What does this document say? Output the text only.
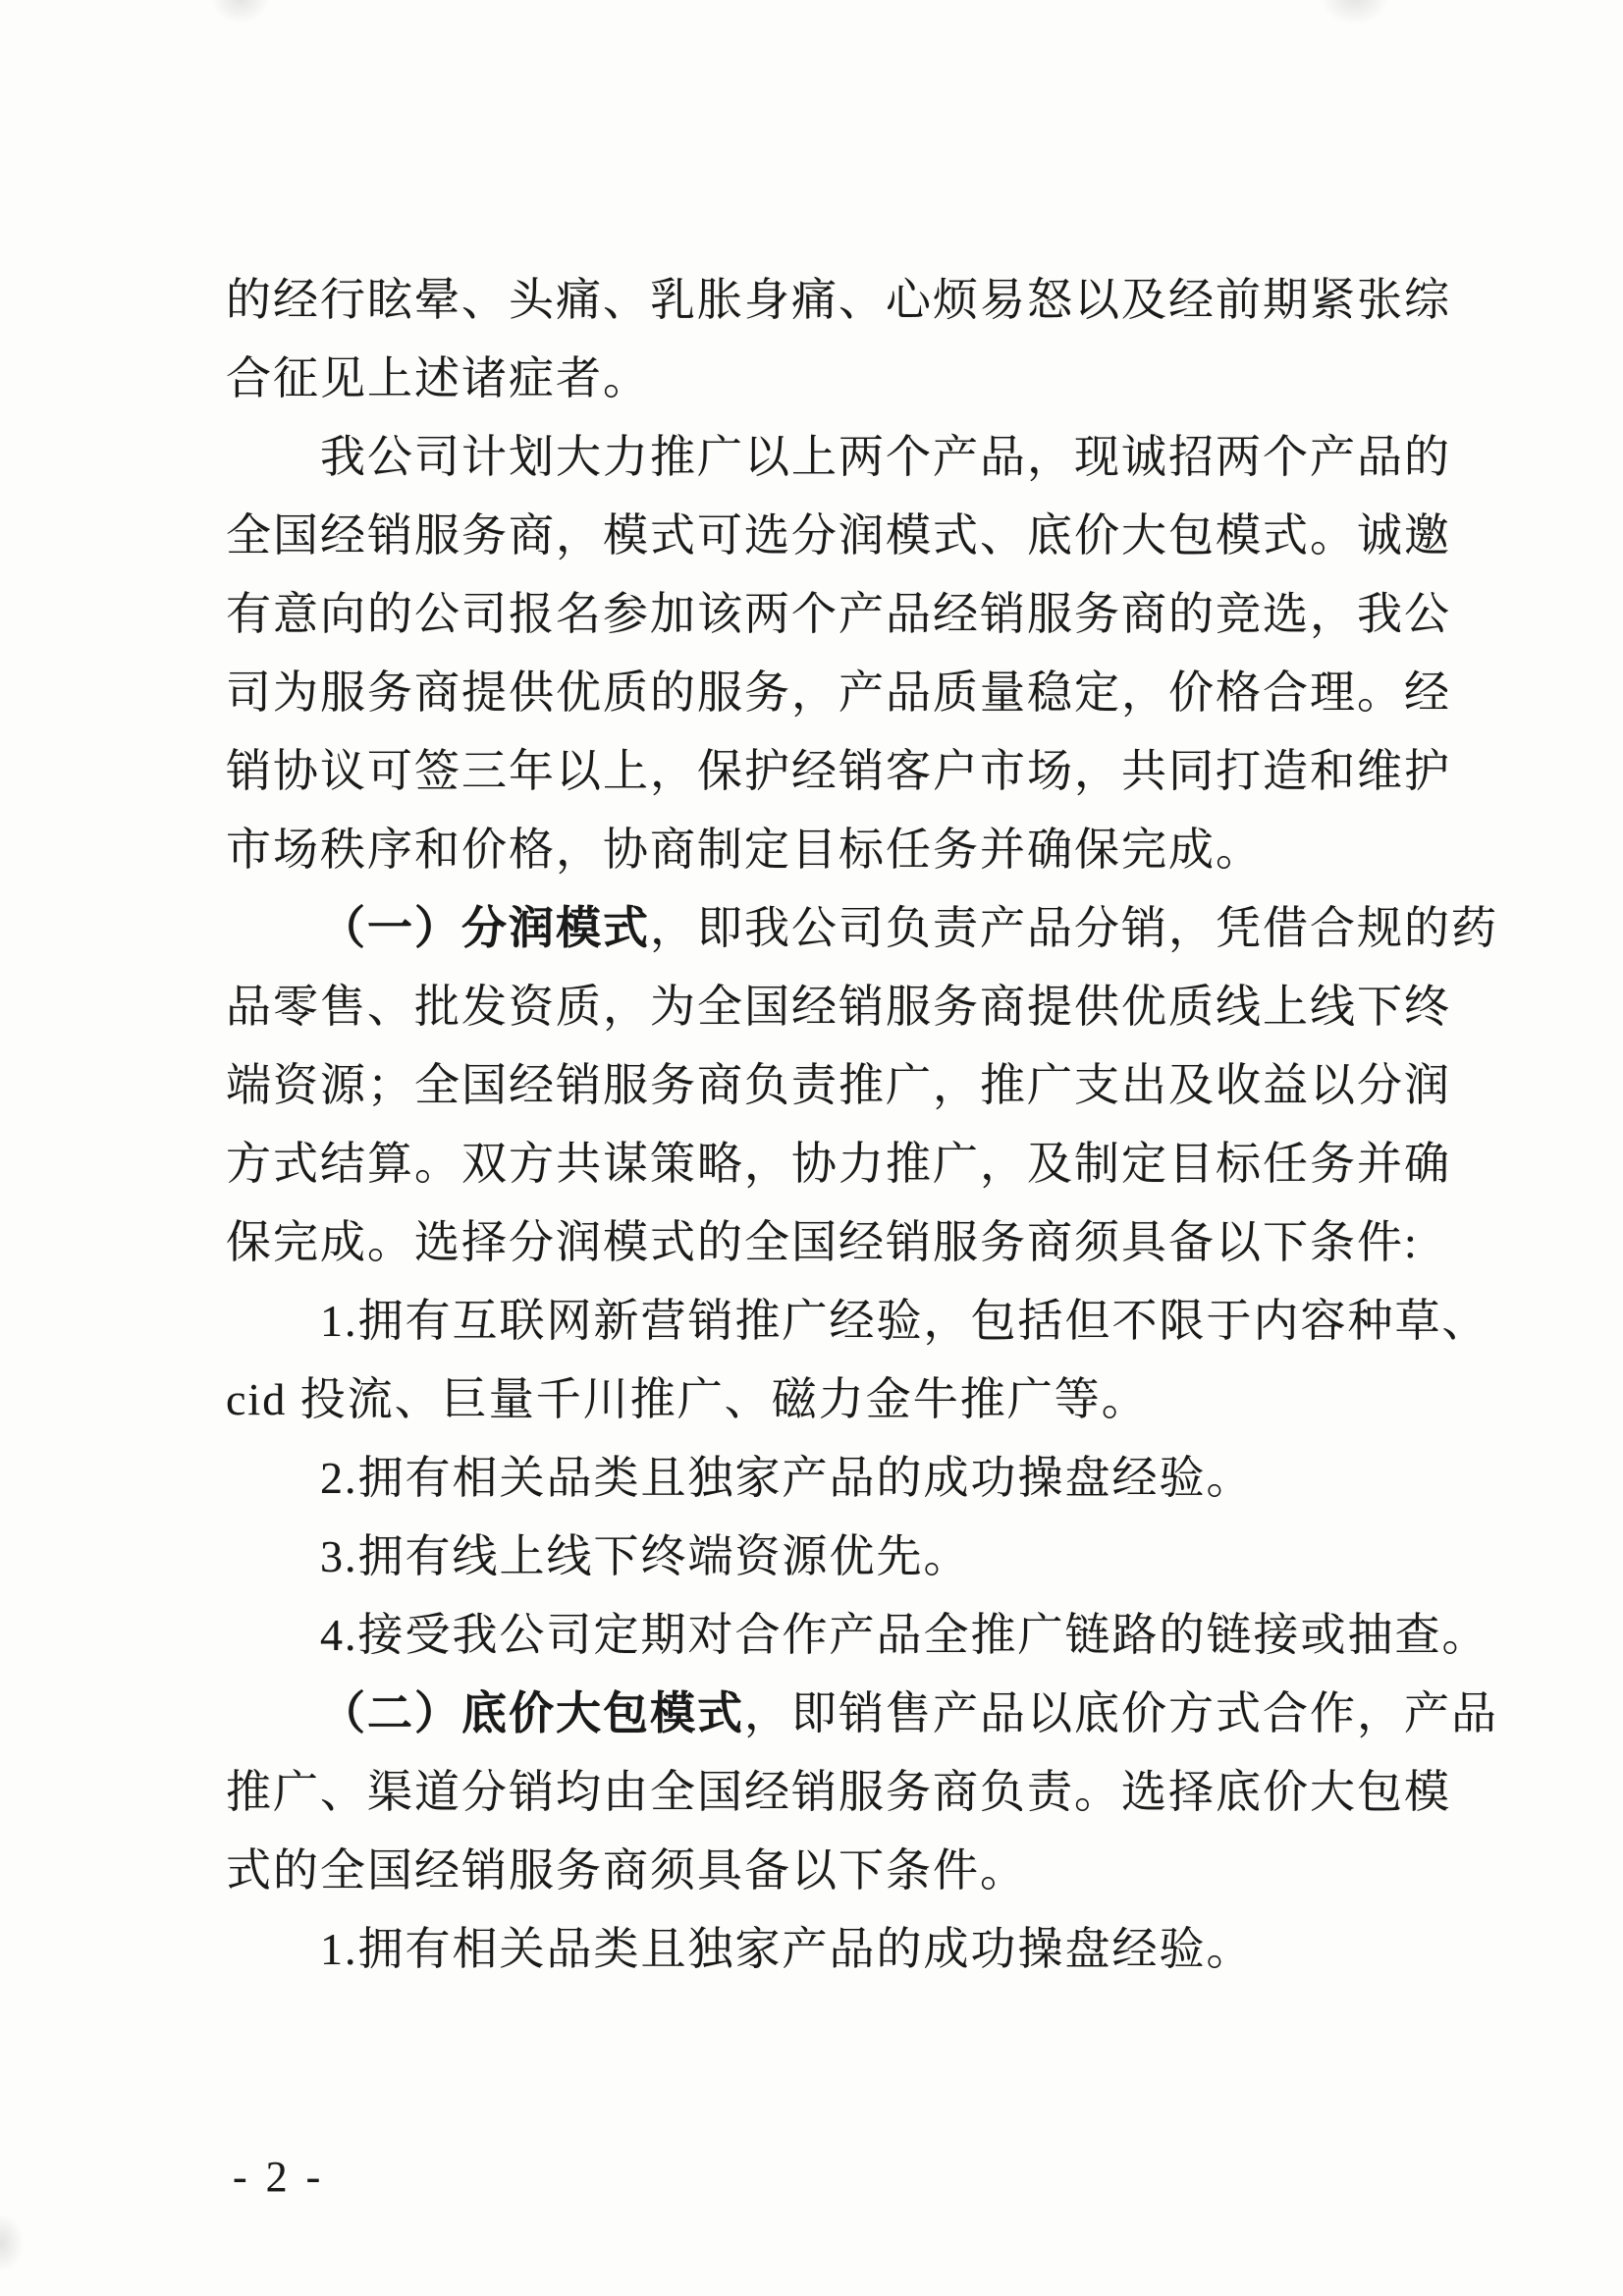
的经行眩晕、头痛、乳胀身痛、心烦易怒以及经前期紧张综
合征见上述诸症者。
我公司计划大力推广以上两个产品，现诚招两个产品的
全国经销服务商，模式可选分润模式、底价大包模式。诚邀
有意向的公司报名参加该两个产品经销服务商的竞选，我公
司为服务商提供优质的服务，产品质量稳定，价格合理。经
销协议可签三年以上，保护经销客户市场，共同打造和维护
市场秩序和价格，协商制定目标任务并确保完成。
（一）分润模式，即我公司负责产品分销，凭借合规的药
品零售、批发资质，为全国经销服务商提供优质线上线下终
端资源；全国经销服务商负责推广，推广支出及收益以分润
方式结算。双方共谋策略，协力推广，及制定目标任务并确
保完成。选择分润模式的全国经销服务商须具备以下条件:
1.拥有互联网新营销推广经验，包括但不限于内容种草、
cid 投流、巨量千川推广、磁力金牛推广等。
2.拥有相关品类且独家产品的成功操盘经验。
3.拥有线上线下终端资源优先。
4.接受我公司定期对合作产品全推广链路的链接或抽查。
（二）底价大包模式，即销售产品以底价方式合作，产品
推广、渠道分销均由全国经销服务商负责。选择底价大包模
式的全国经销服务商须具备以下条件。
1.拥有相关品类且独家产品的成功操盘经验。
- 2 -
